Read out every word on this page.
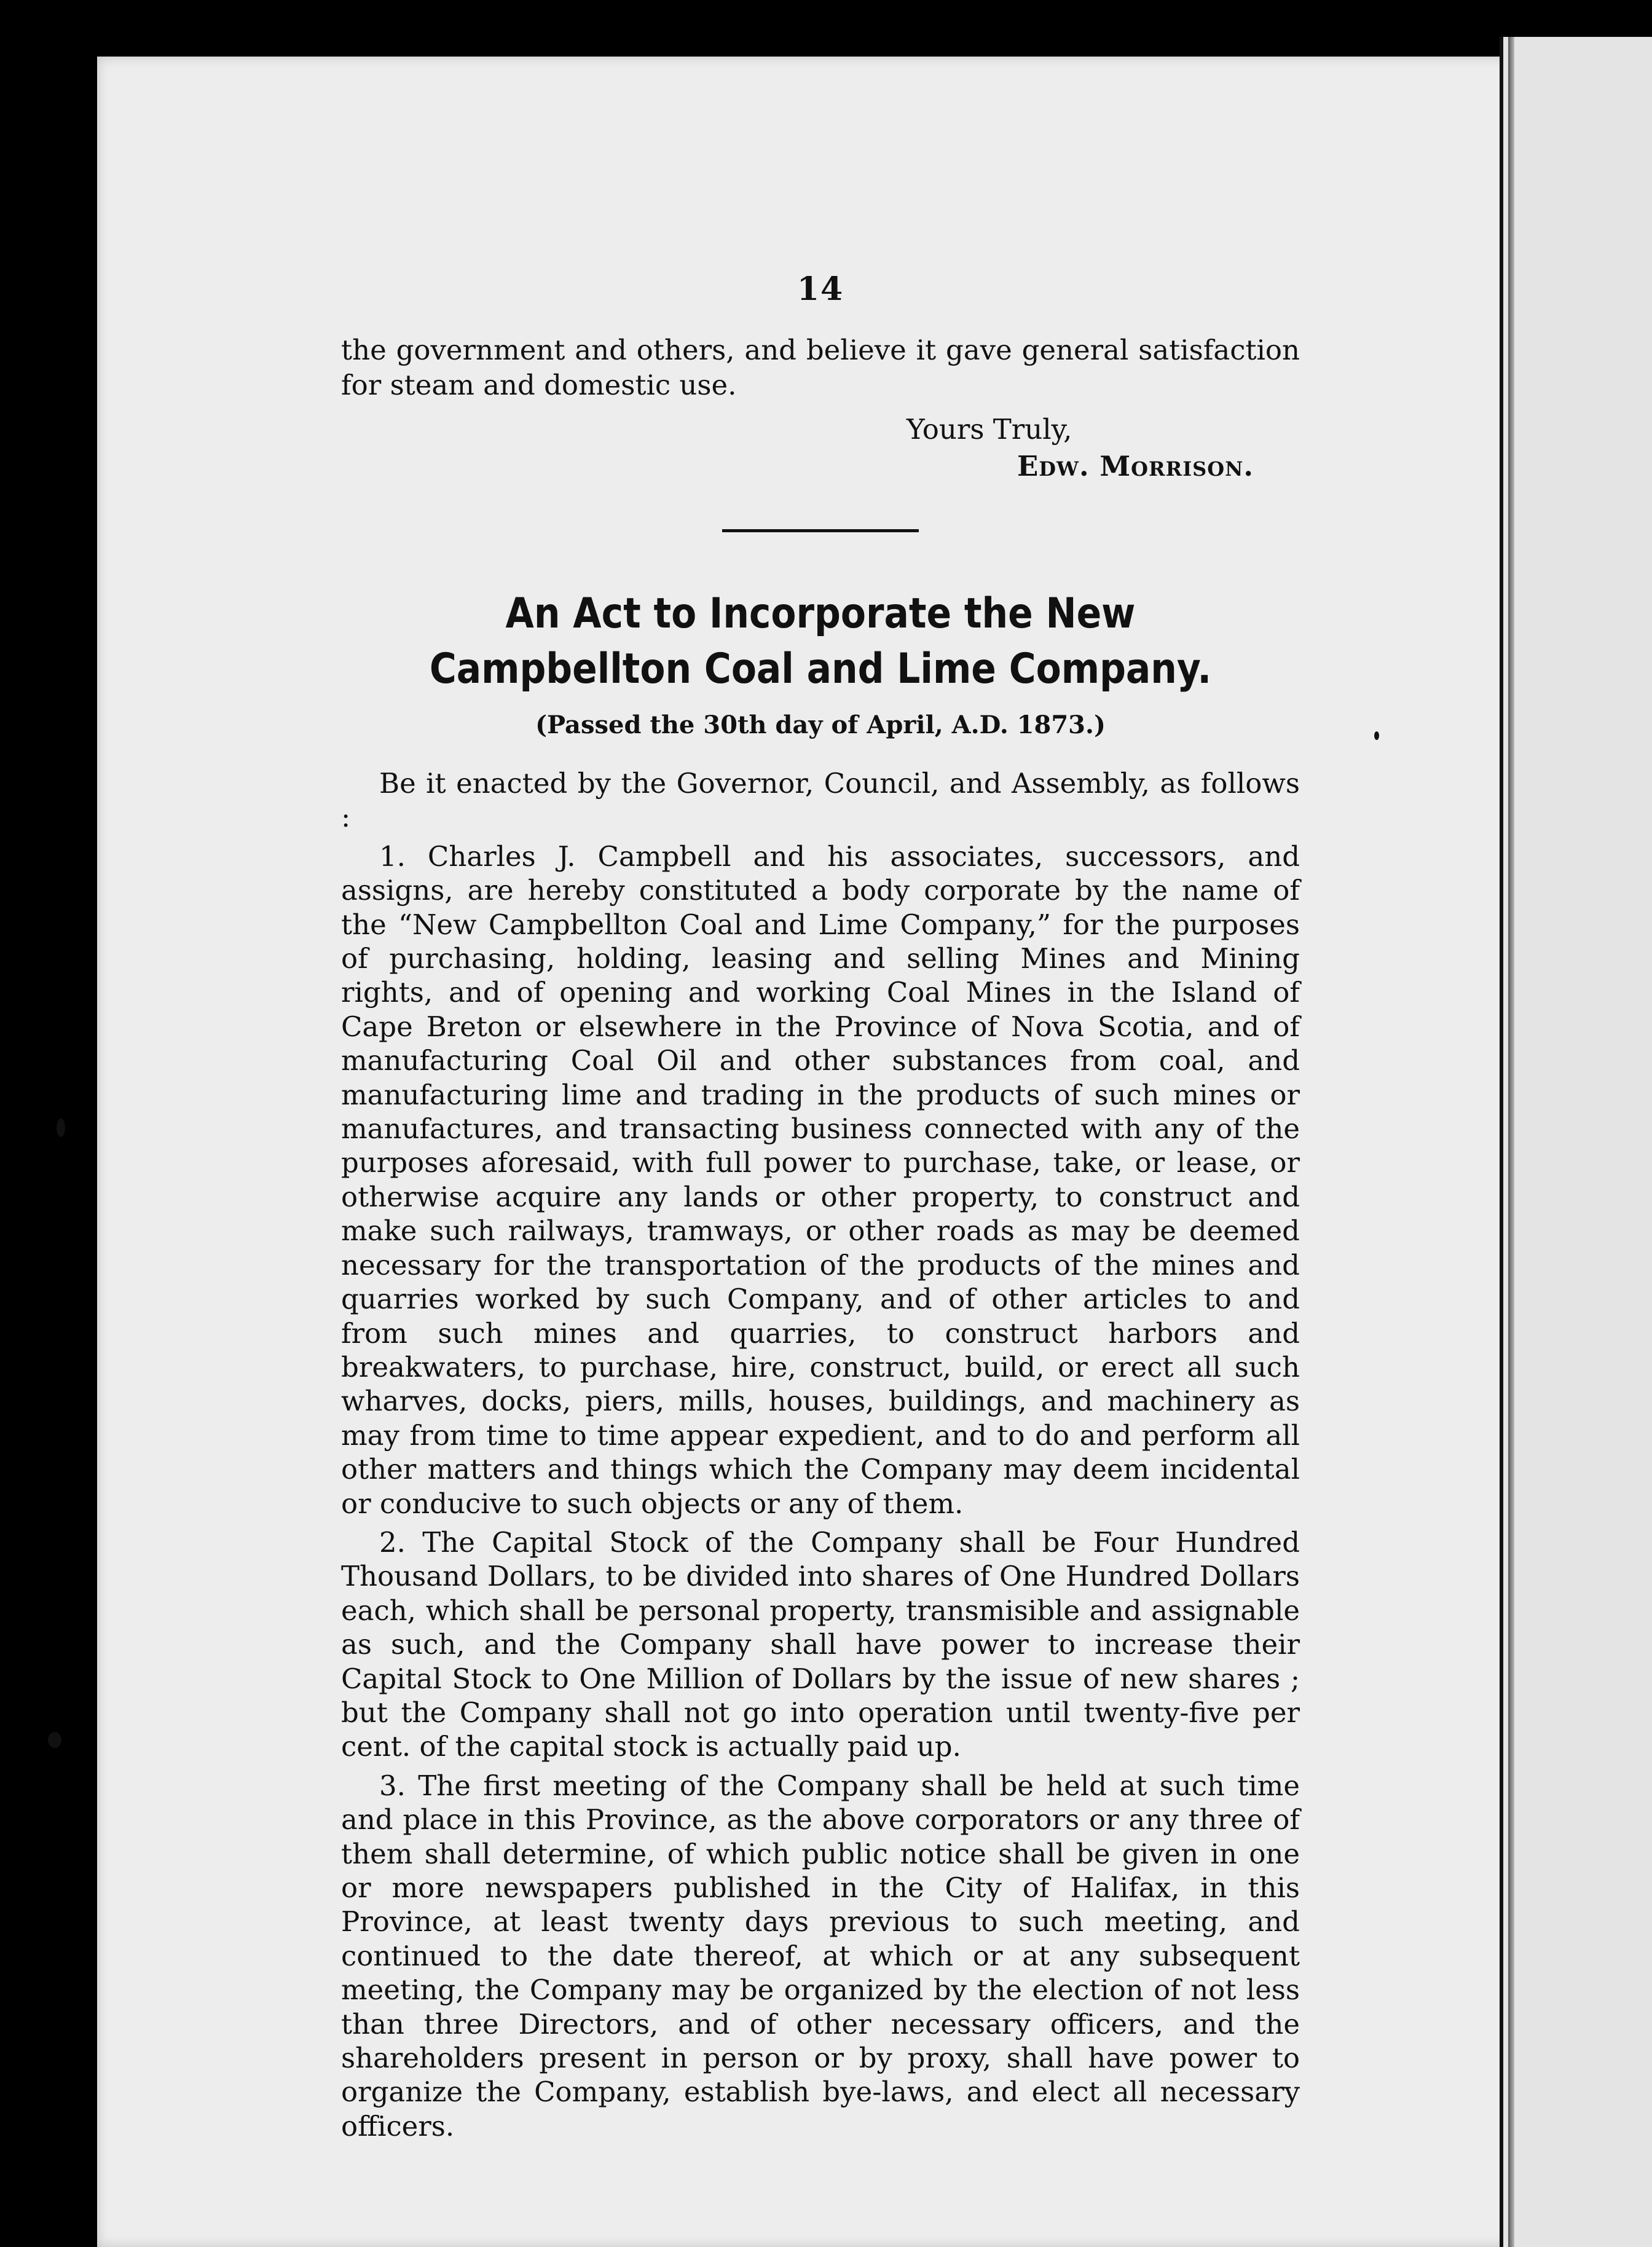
14

the government and others, and believe it gave general satisfaction for steam and domestic use.

Yours Truly,
Edw. Morrison.
An Act to Incorporate the New Campbellton Coal and Lime Company.
(Passed the 30th day of April, A.D. 1873.)

Be it enacted by the Governor, Council, and Assembly, as follows :

1. Charles J. Campbell and his associates, successors, and assigns, are hereby constituted a body corporate by the name of the “New Campbellton Coal and Lime Company,” for the purposes of purchasing, holding, leasing and selling Mines and Mining rights, and of opening and working Coal Mines in the Island of Cape Breton or elsewhere in the Province of Nova Scotia, and of manufacturing Coal Oil and other substances from coal, and manufacturing lime and trading in the products of such mines or manufactures, and transacting business connected with any of the purposes aforesaid, with full power to purchase, take, or lease, or otherwise acquire any lands or other property, to construct and make such railways, tramways, or other roads as may be deemed necessary for the transportation of the products of the mines and quarries worked by such Company, and of other articles to and from such mines and quarries, to construct harbors and breakwaters, to purchase, hire, construct, build, or erect all such wharves, docks, piers, mills, houses, buildings, and machinery as may from time to time appear expedient, and to do and perform all other matters and things which the Company may deem incidental or conducive to such objects or any of them.

2. The Capital Stock of the Company shall be Four Hundred Thousand Dollars, to be divided into shares of One Hundred Dollars each, which shall be personal property, transmisible and assignable as such, and the Company shall have power to increase their Capital Stock to One Million of Dollars by the issue of new shares ; but the Company shall not go into operation until twenty-five per cent. of the capital stock is actually paid up.

3. The first meeting of the Company shall be held at such time and place in this Province, as the above corporators or any three of them shall determine, of which public notice shall be given in one or more newspapers published in the City of Halifax, in this Province, at least twenty days previous to such meeting, and continued to the date thereof, at which or at any subsequent meeting, the Company may be organized by the election of not less than three Directors, and of other necessary officers, and the shareholders present in person or by proxy, shall have power to organize the Company, establish bye-laws, and elect all necessary officers.
